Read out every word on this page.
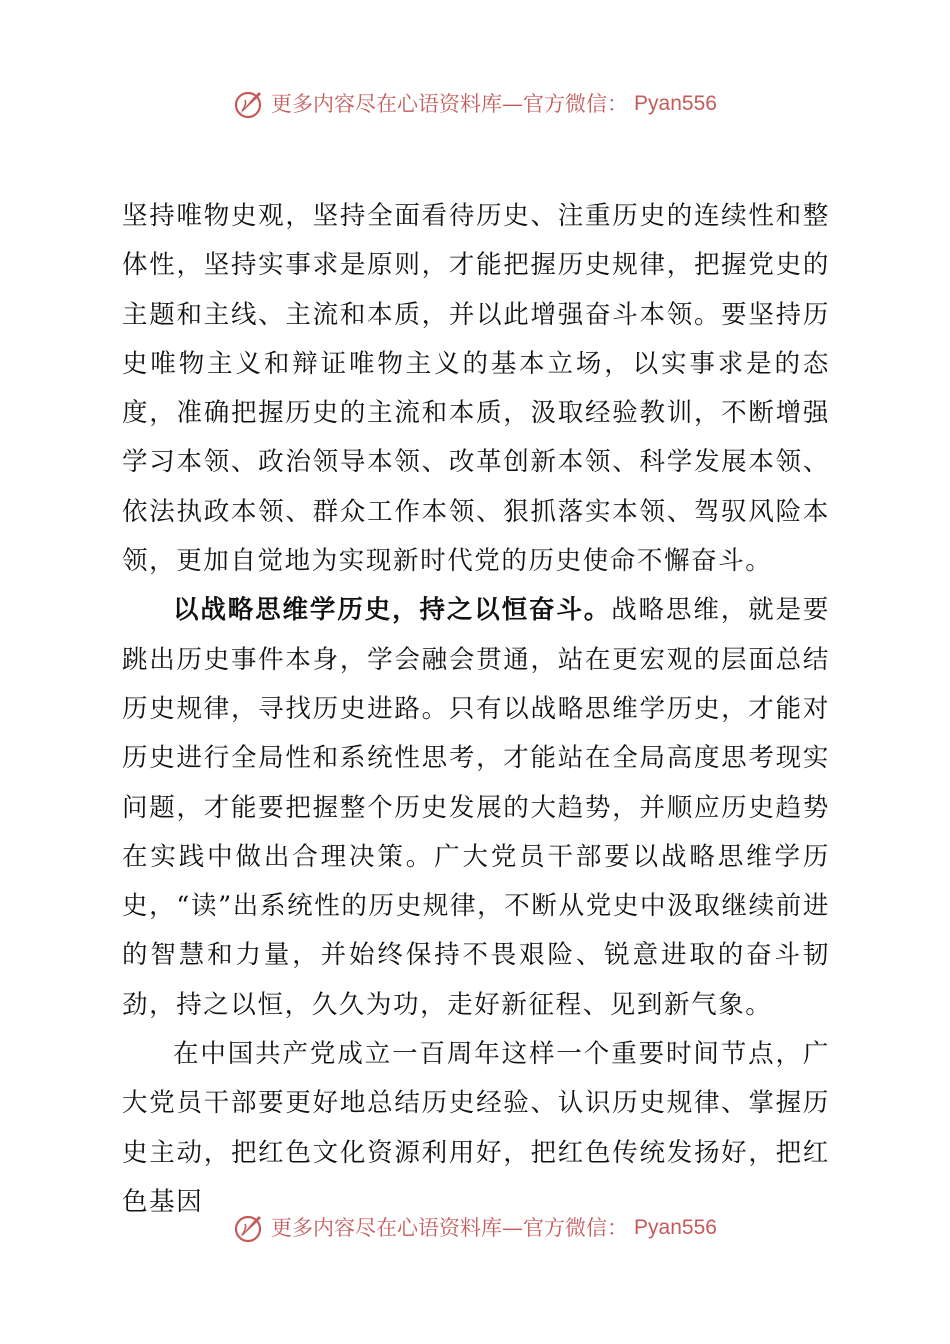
更多内容尽在心语资料库—官方微信： Pyan556

坚持唯物史观，坚持全面看待历史、注重历史的连续性和整体性，坚持实事求是原则，才能把握历史规律，把握党史的主题和主线、主流和本质，并以此增强奋斗本领。要坚持历史唯物主义和辩证唯物主义的基本立场，以实事求是的态度，准确把握历史的主流和本质，汲取经验教训，不断增强学习本领、政治领导本领、改革创新本领、科学发展本领、依法执政本领、群众工作本领、狠抓落实本领、驾驭风险本领，更加自觉地为实现新时代党的历史使命不懈奋斗。

以战略思维学历史，持之以恒奋斗。战略思维，就是要跳出历史事件本身，学会融会贯通，站在更宏观的层面总结历史规律，寻找历史进路。只有以战略思维学历史，才能对历史进行全局性和系统性思考，才能站在全局高度思考现实问题，才能要把握整个历史发展的大趋势，并顺应历史趋势在实践中做出合理决策。广大党员干部要以战略思维学历史，“读”出系统性的历史规律，不断从党史中汲取继续前进的智慧和力量，并始终保持不畏艰险、锐意进取的奋斗韧劲，持之以恒，久久为功，走好新征程、见到新气象。

在中国共产党成立一百周年这样一个重要时间节点，广大党员干部要更好地总结历史经验、认识历史规律、掌握历史主动，把红色文化资源利用好，把红色传统发扬好，把红色基因

更多内容尽在心语资料库—官方微信： Pyan556
